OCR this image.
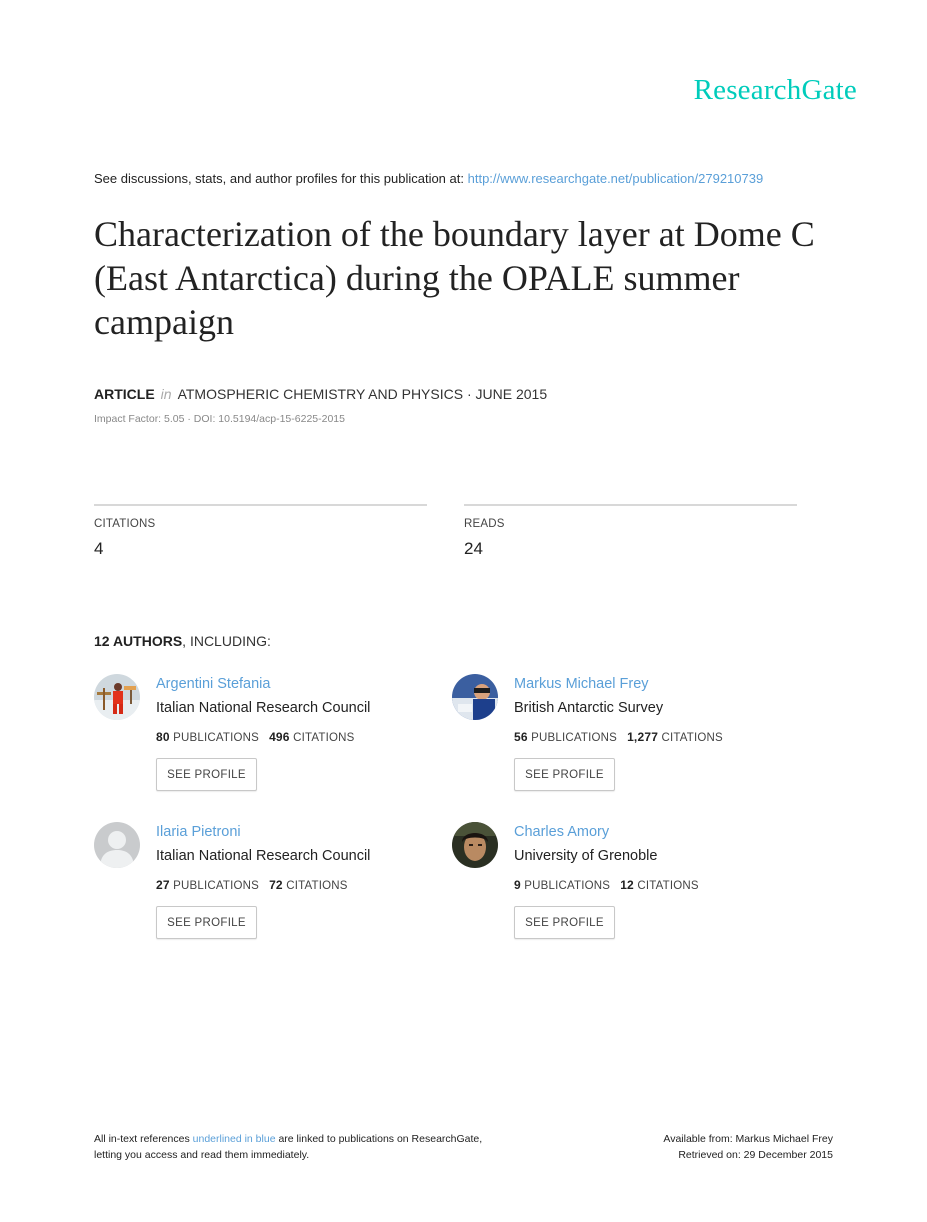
ResearchGate
See discussions, stats, and author profiles for this publication at: http://www.researchgate.net/publication/279210739
Characterization of the boundary layer at Dome C (East Antarctica) during the OPALE summer campaign
ARTICLE in ATMOSPHERIC CHEMISTRY AND PHYSICS · JUNE 2015
Impact Factor: 5.05 · DOI: 10.5194/acp-15-6225-2015
CITATIONS
4
READS
24
12 AUTHORS, INCLUDING:
Argentini Stefania
Italian National Research Council
80 PUBLICATIONS 496 CITATIONS
SEE PROFILE
Markus Michael Frey
British Antarctic Survey
56 PUBLICATIONS 1,277 CITATIONS
SEE PROFILE
Ilaria Pietroni
Italian National Research Council
27 PUBLICATIONS 72 CITATIONS
SEE PROFILE
Charles Amory
University of Grenoble
9 PUBLICATIONS 12 CITATIONS
SEE PROFILE
All in-text references underlined in blue are linked to publications on ResearchGate,
letting you access and read them immediately.
Available from: Markus Michael Frey
Retrieved on: 29 December 2015
